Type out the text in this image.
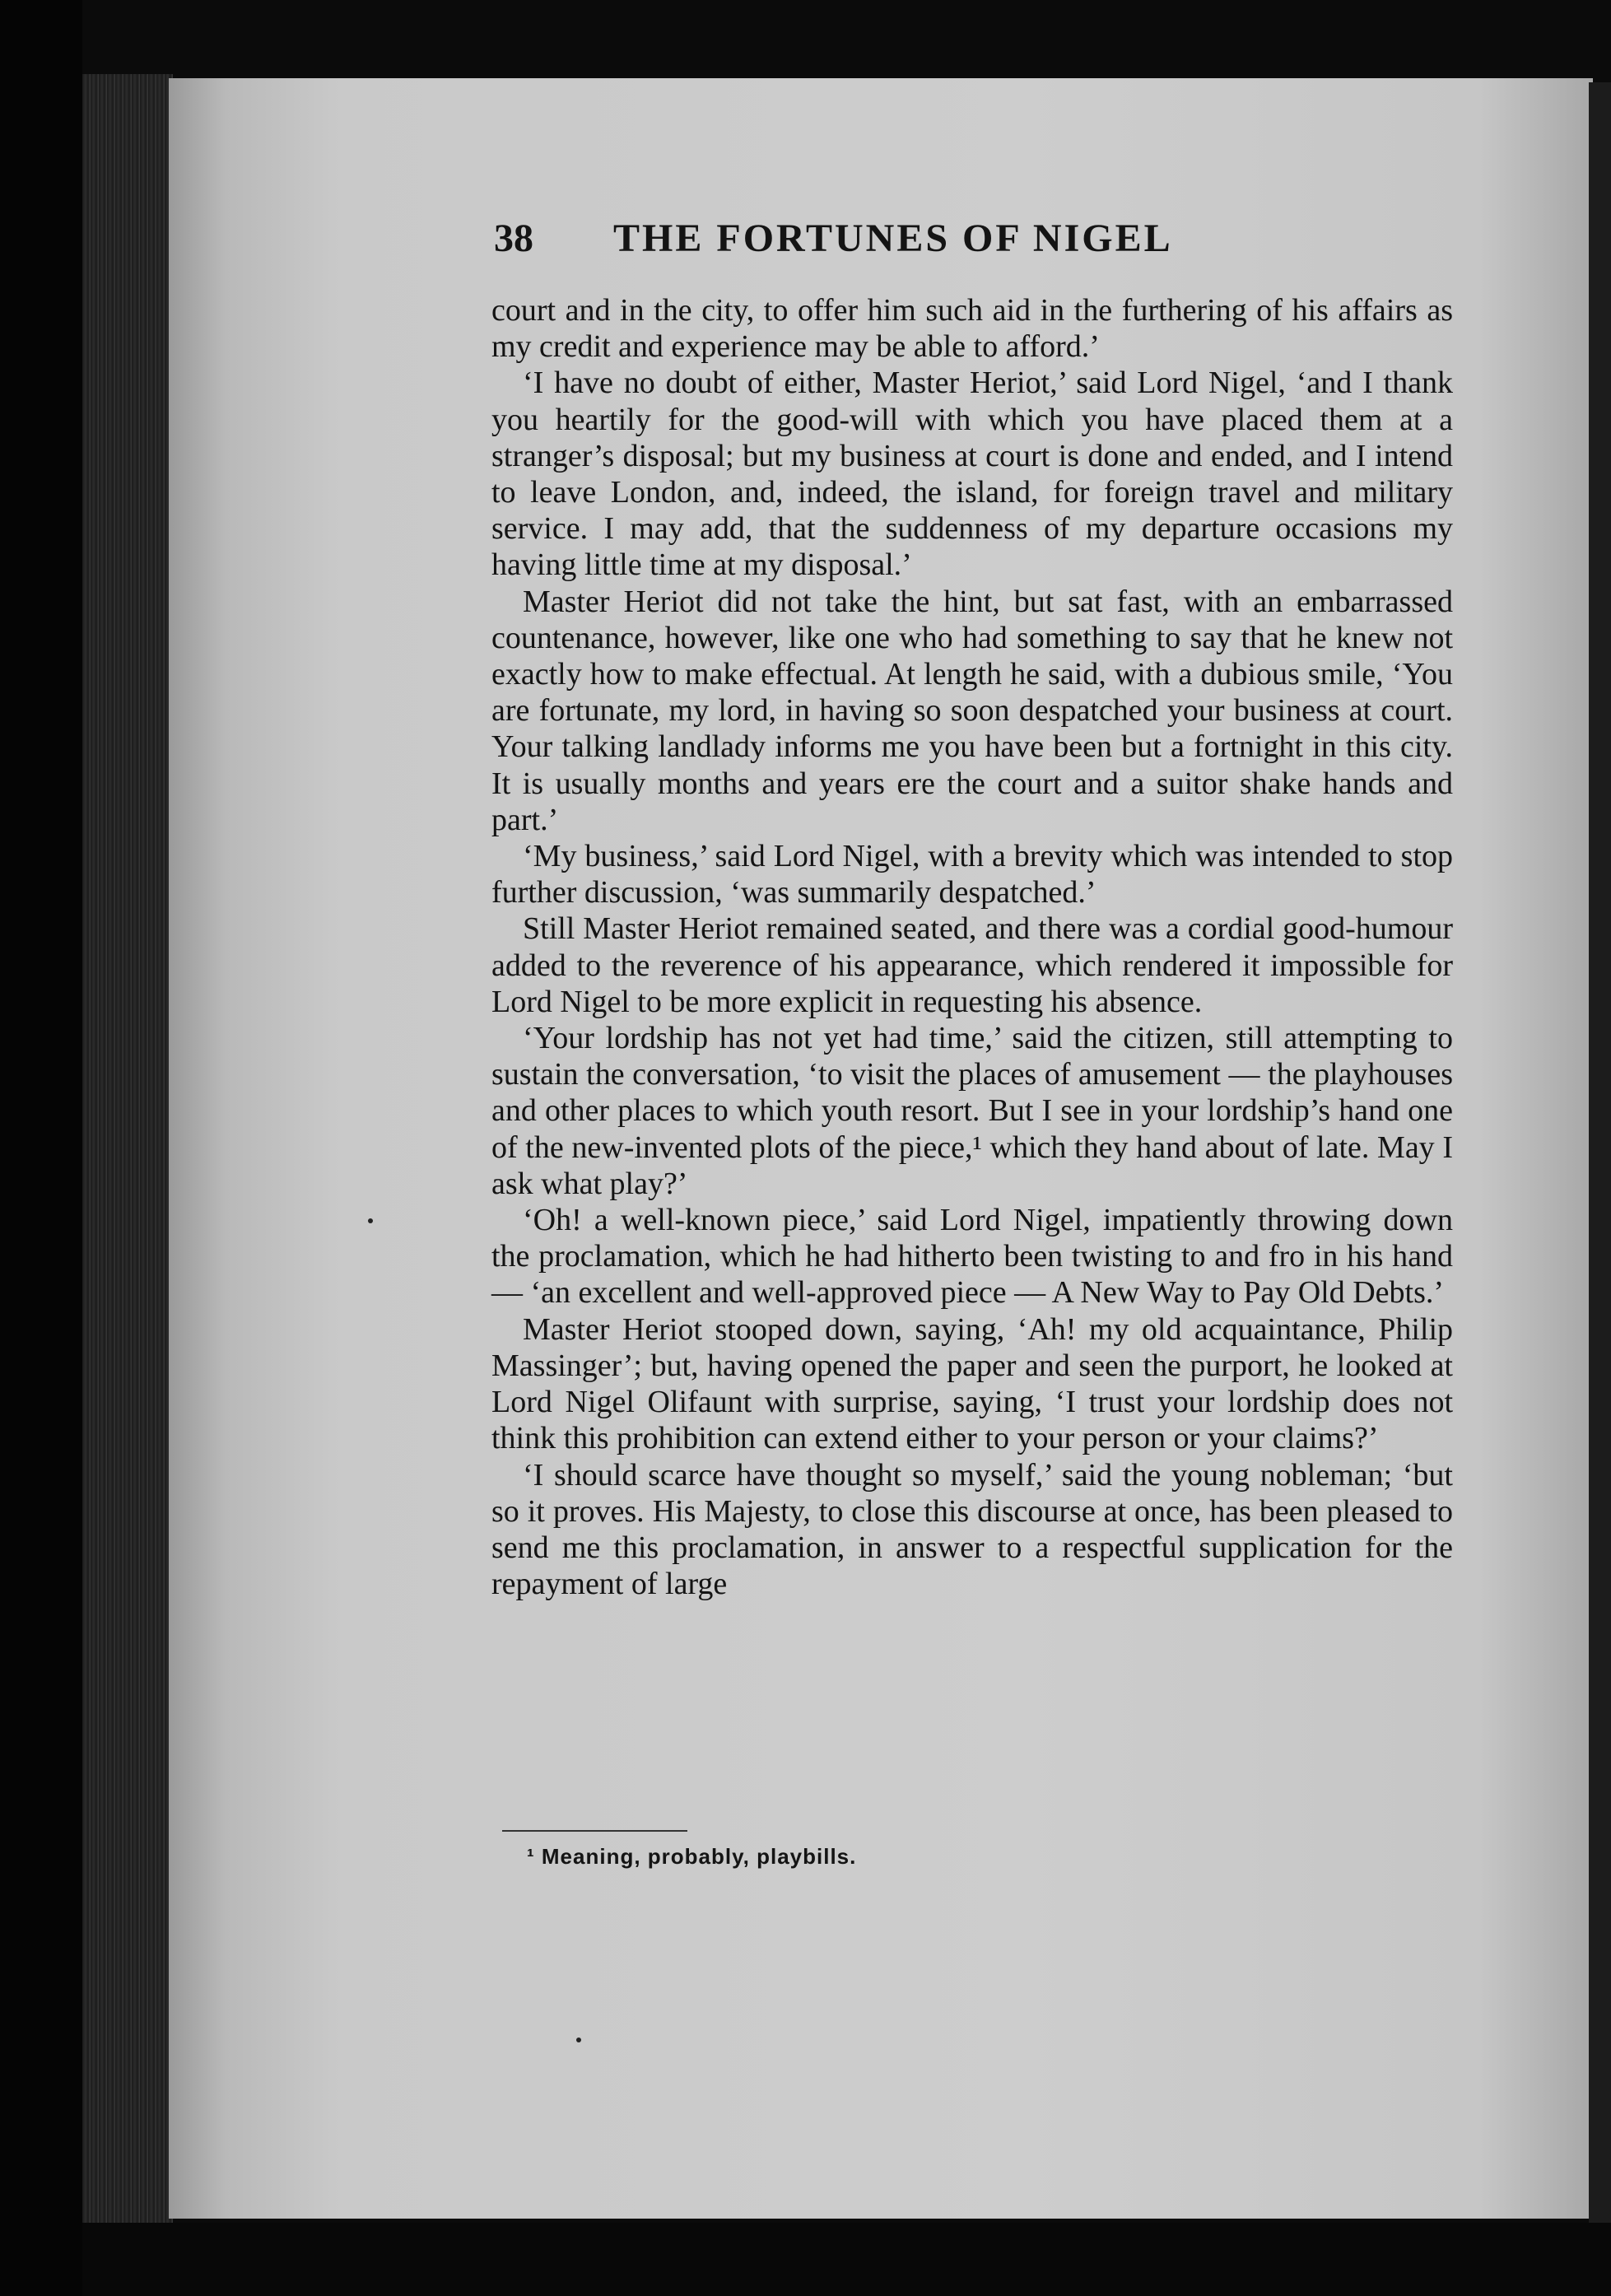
38 THE FORTUNES OF NIGEL

court and in the city, to offer him such aid in the furthering of his affairs as my credit and experience may be able to afford.’

‘I have no doubt of either, Master Heriot,’ said Lord Nigel, ‘and I thank you heartily for the good-will with which you have placed them at a stranger’s disposal; but my business at court is done and ended, and I intend to leave London, and, indeed, the island, for foreign travel and military service. I may add, that the suddenness of my departure occasions my having little time at my disposal.’

Master Heriot did not take the hint, but sat fast, with an embarrassed countenance, however, like one who had something to say that he knew not exactly how to make effectual. At length he said, with a dubious smile, ‘You are fortunate, my lord, in having so soon despatched your business at court. Your talking landlady informs me you have been but a fortnight in this city. It is usually months and years ere the court and a suitor shake hands and part.’

‘My business,’ said Lord Nigel, with a brevity which was intended to stop further discussion, ‘was summarily despatched.’

Still Master Heriot remained seated, and there was a cordial good-humour added to the reverence of his appearance, which rendered it impossible for Lord Nigel to be more explicit in requesting his absence.

‘Your lordship has not yet had time,’ said the citizen, still attempting to sustain the conversation, ‘to visit the places of amusement — the playhouses and other places to which youth resort. But I see in your lordship’s hand one of the new-invented plots of the piece,¹ which they hand about of late. May I ask what play?’

‘Oh! a well-known piece,’ said Lord Nigel, impatiently throwing down the proclamation, which he had hitherto been twisting to and fro in his hand — ‘an excellent and well-approved piece — A New Way to Pay Old Debts.’

Master Heriot stooped down, saying, ‘Ah! my old acquaintance, Philip Massinger’; but, having opened the paper and seen the purport, he looked at Lord Nigel Olifaunt with surprise, saying, ‘I trust your lordship does not think this prohibition can extend either to your person or your claims?’

‘I should scarce have thought so myself,’ said the young nobleman; ‘but so it proves. His Majesty, to close this discourse at once, has been pleased to send me this proclamation, in answer to a respectful supplication for the repayment of large

¹ Meaning, probably, playbills.
